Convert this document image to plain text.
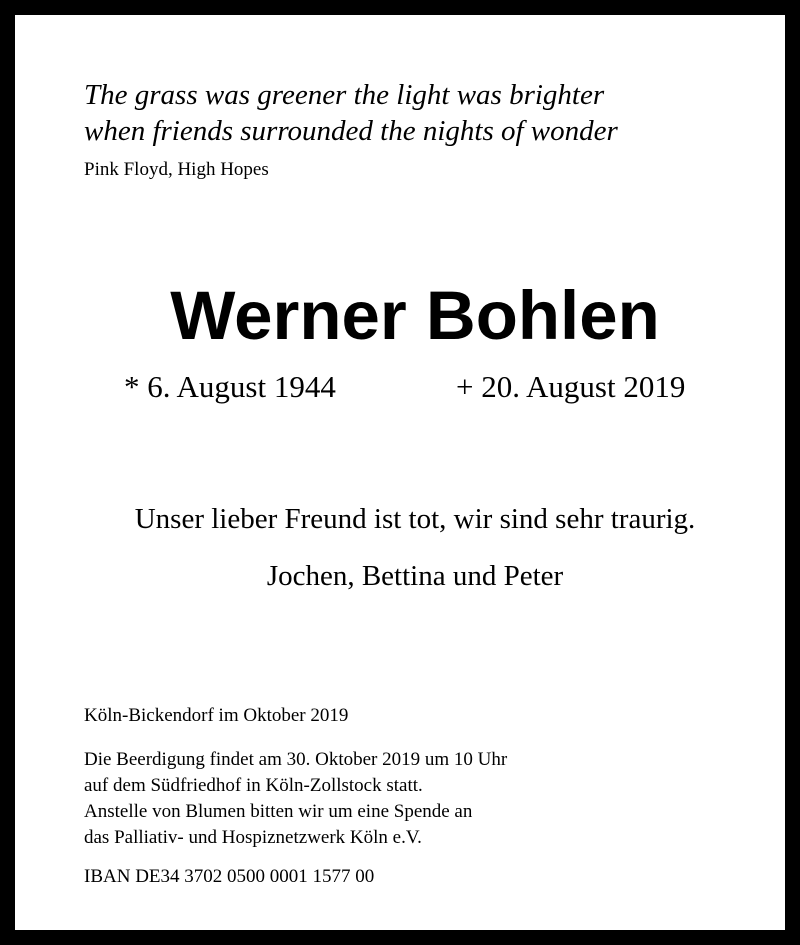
The grass was greener the light was brighter
when friends surrounded the nights of wonder
Pink Floyd, High Hopes
Werner Bohlen
* 6. August 1944	+ 20. August 2019
Unser lieber Freund ist tot, wir sind sehr traurig.
Jochen, Bettina und Peter
Köln-Bickendorf im Oktober 2019
Die Beerdigung findet am 30. Oktober 2019 um 10 Uhr
auf dem Südfriedhof in Köln-Zollstock statt.
Anstelle von Blumen bitten wir um eine Spende an
das Palliativ- und Hospiznetzwerk Köln e.V.
IBAN DE34 3702 0500 0001 1577 00
